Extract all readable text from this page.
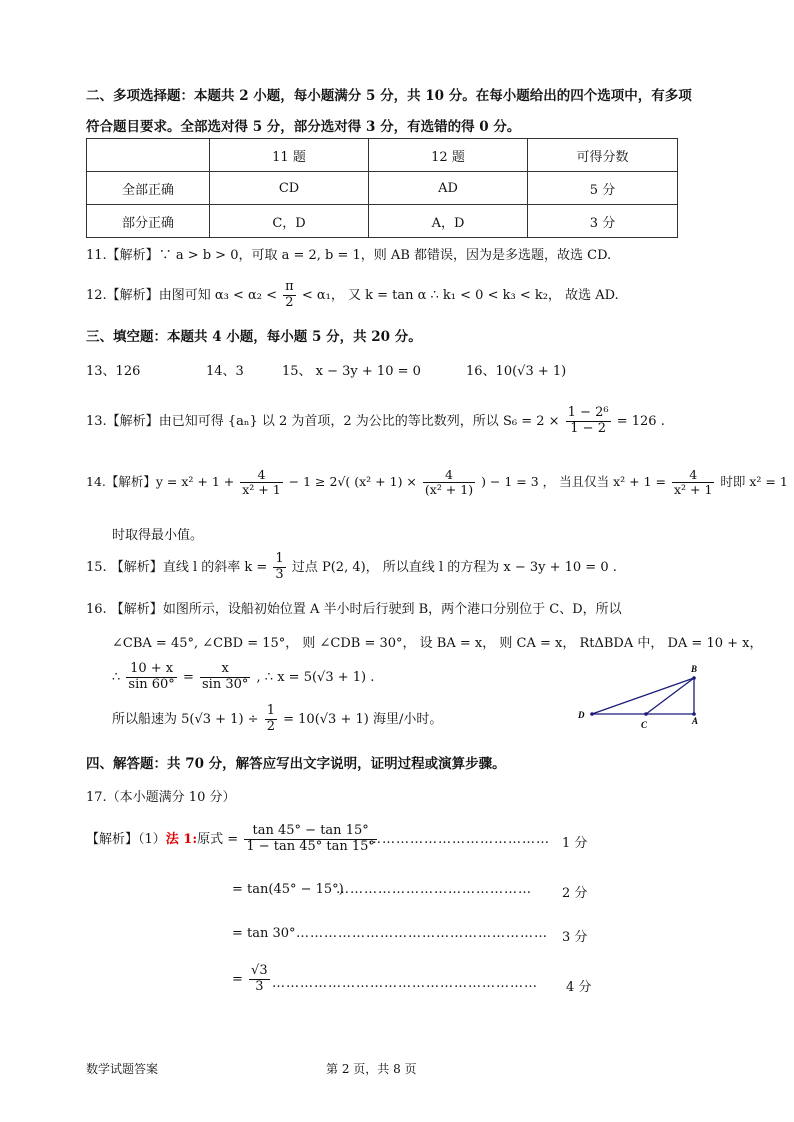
二、多项选择题：本题共 2 小题，每小题满分 5 分，共 10 分。在每小题给出的四个选项中，有多项
符合题目要求。全部选对得 5 分，部分选对得 3 分，有选错的得 0 分。
	11 题	12 题	可得分数
全部正确	CD	AD	5 分
部分正确	C，D	A，D	3 分
11.【解析】∵ a > b > 0，可取 a = 2, b = 1，则 AB 都错误，因为是多选题，故选 CD.
12.【解析】由图可知 $\alpha_3 < \alpha_2 < \frac{\pi}{2} < \alpha_1$， 又 k = tan α ∴ k₁ < 0 < k₃ < k₂， 故选 AD.
三、填空题：本题共 4 小题，每小题 5 分，共 20 分。
13、126	14、3	15、 x − 3y + 10 = 0	16、10(√3 + 1)
13.【解析】由已知可得 {aₙ} 以 2 为首项，2 为公比的等比数列，所以 $S_6 = 2 \times \frac{\text{1 − 2⁶}}{1 - 2} = 126$ .
14.【解析】$y = x^2 + 1 + \frac{4}{\text{x² + 1}} - 1 \ge 2√$( $(x^2 + 1) \times \frac{4}{\text{(x² + 1)}}$ ) − 1 = 3 ， 当且仅当 $x^2 + 1 = \frac{4}{\text{x² + 1}}$ 时即 x² = 1
时取得最小值。
15. 【解析】直线 l 的斜率 $k = \frac{1}{3}$ 过点 P(2, 4)， 所以直线 l 的方程为 x − 3y + 10 = 0 .
16. 【解析】如图所示，设船初始位置 A 半小时后行驶到 B，两个港口分别位于 C、D，所以
∠CBA = 45°, ∠CBD = 15°， 则 ∠CDB = 30°， 设 BA = x， 则 CA = x， RtΔBDA 中， DA = 10 + x，
∴ $\frac{10 + x}{\sin 60^\circ} = \frac{x}{\sin 30^\circ}$ , ∴ x = 5(√3 + 1) .
所以船速为 $5(√3 + 1) \div \frac{1}{2} = 10(√3 + 1)$ 海里/小时。
B
D
C	A
四、解答题：共 70 分，解答应写出文字说明，证明过程或演算步骤。
17.（本小题满分 10 分）
【解析】（1）法 1:原式 = $\frac{\tan 45^\circ - \tan 15^\circ}{1 - \tan 45^\circ \tan 15^\circ}$
………………………………… 1 分
= tan(45° − 15°)
…………………………………… 2 分
= tan 30° ……………………………………………… 3 分
= $\frac{√3}{3}$ ………………………………………………… 4 分
数学试题答案	第 2 页，共 8 页
